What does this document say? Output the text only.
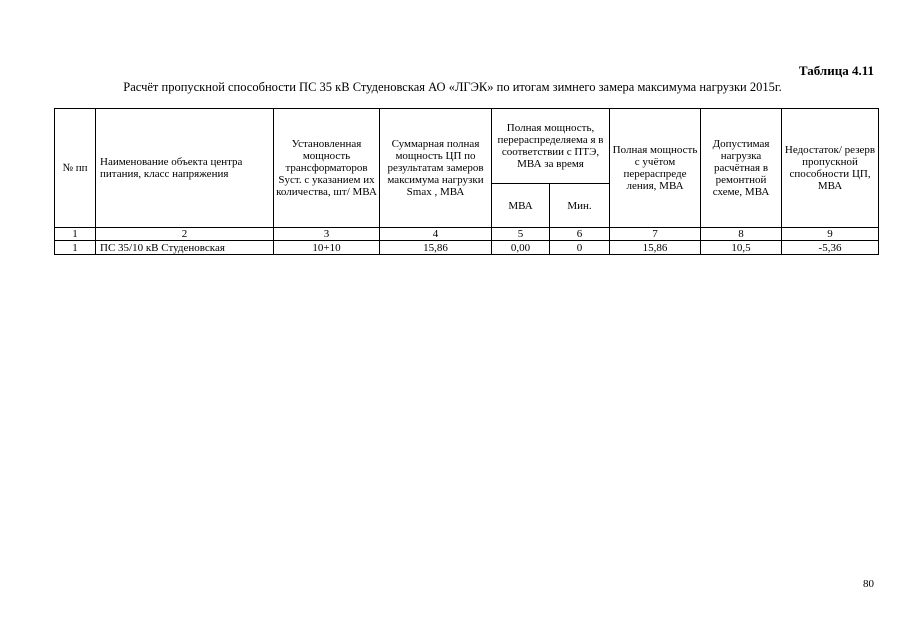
Таблица 4.11
Расчёт пропускной способности ПС 35 кВ Студеновская АО «ЛГЭК» по итогам зимнего замера максимума нагрузки 2015г.
№ пп	Наименование объекта центра питания, класс напряжения	Установленная мощность трансформаторов Syст. с указанием их количества, шт/ МВА	Суммарная полная мощность ЦП по результатам замеров максимума нагрузки Smax , МВА	Полная мощность, перераспределяема я в соответствии с ПТЭ, МВА за время		Полная мощность с учётом перераспреде ления, МВА	Допустимая нагрузка расчётная в ремонтной схеме, МВА	Недостаток/ резерв пропускной способности ЦП, МВА
				МВА	Мин.			
1	2	3	4	5	6	7	8	9
1	ПС 35/10 кВ Студеновская	10+10	15,86	0,00	0	15,86	10,5	-5,36
80
